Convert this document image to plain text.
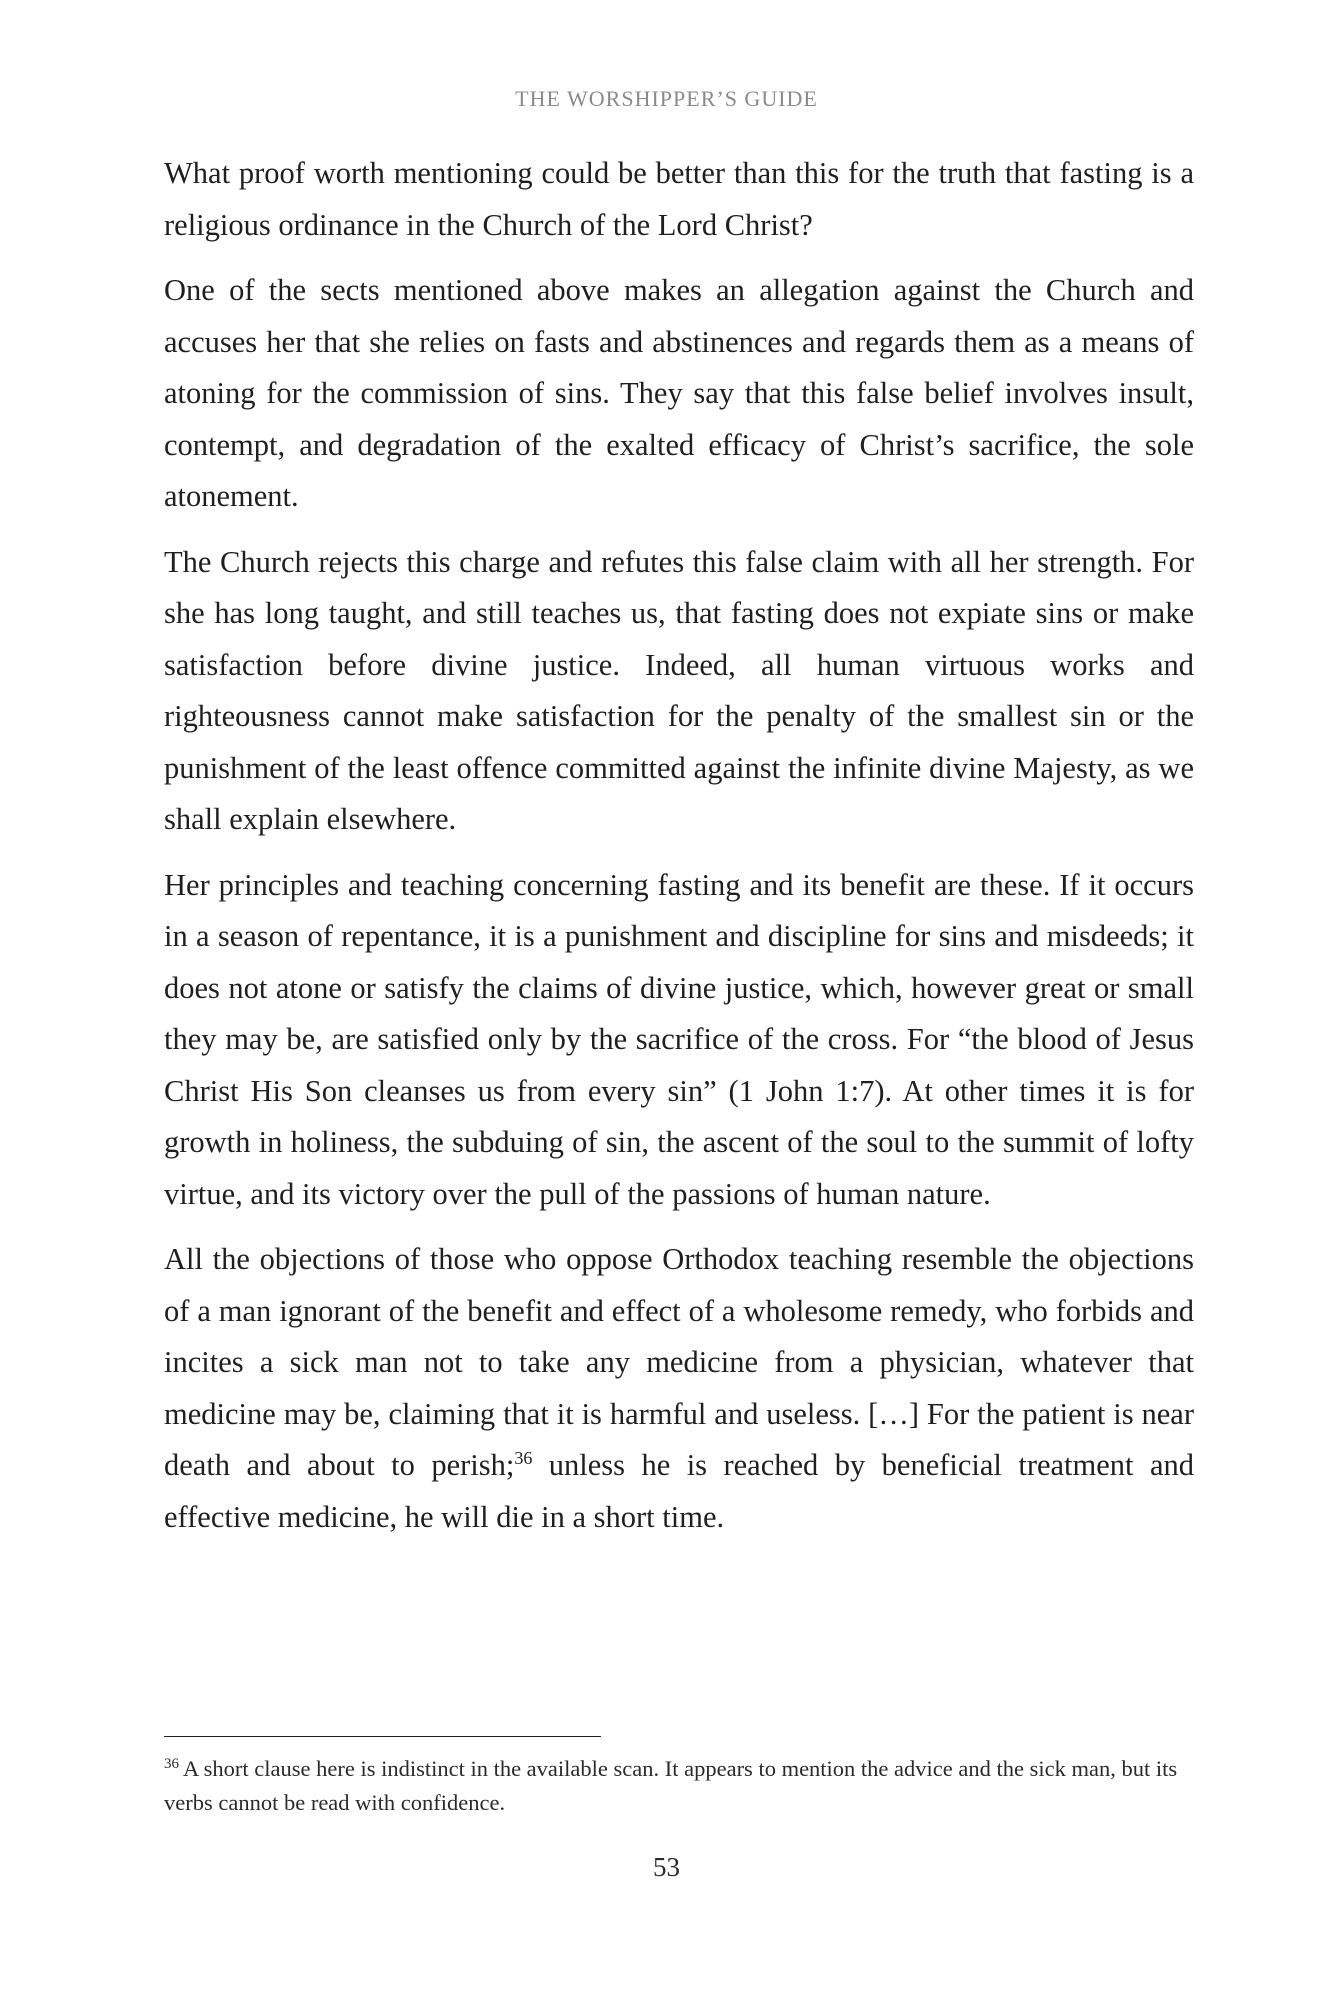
THE WORSHIPPER’S GUIDE

What proof worth mentioning could be better than this for the truth that fasting is a religious ordinance in the Church of the Lord Christ?

One of the sects mentioned above makes an allegation against the Church and accuses her that she relies on fasts and abstinences and regards them as a means of atoning for the commission of sins. They say that this false belief involves insult, contempt, and degradation of the exalted efficacy of Christ’s sacrifice, the sole atonement.

The Church rejects this charge and refutes this false claim with all her strength. For she has long taught, and still teaches us, that fasting does not expiate sins or make satisfaction before divine justice. Indeed, all human virtuous works and righteousness cannot make satisfaction for the penalty of the smallest sin or the punishment of the least offence committed against the infinite divine Majesty, as we shall explain elsewhere.

Her principles and teaching concerning fasting and its benefit are these. If it occurs in a season of repentance, it is a punishment and discipline for sins and misdeeds; it does not atone or satisfy the claims of divine justice, which, however great or small they may be, are satisfied only by the sacrifice of the cross. For “the blood of Jesus Christ His Son cleanses us from every sin” (1 John 1:7). At other times it is for growth in holiness, the subduing of sin, the ascent of the soul to the summit of lofty virtue, and its victory over the pull of the passions of human nature.

All the objections of those who oppose Orthodox teaching resemble the objections of a man ignorant of the benefit and effect of a wholesome remedy, who forbids and incites a sick man not to take any medicine from a physician, whatever that medicine may be, claiming that it is harmful and useless. […] For the patient is near death and about to perish;$^{36}$ unless he is reached by beneficial treatment and effective medicine, he will die in a short time.

$^{36}$ A short clause here is indistinct in the available scan. It appears to mention the advice and the sick man, but its verbs cannot be read with confidence.
53
